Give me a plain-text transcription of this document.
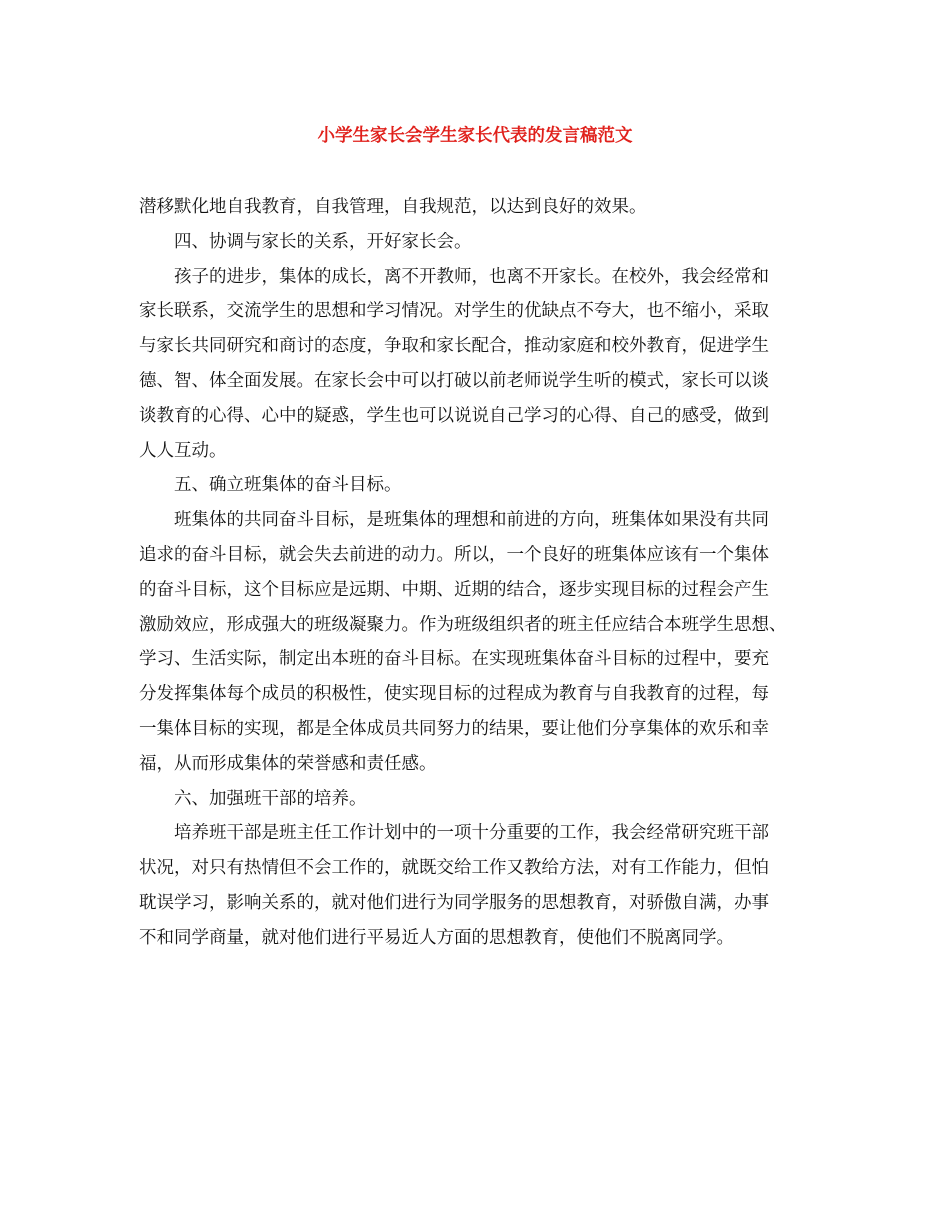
小学生家长会学生家长代表的发言稿范文
潜移默化地自我教育，自我管理，自我规范，以达到良好的效果。
四、协调与家长的关系，开好家长会。
孩子的进步，集体的成长，离不开教师，也离不开家长。在校外，我会经常和
家长联系，交流学生的思想和学习情况。对学生的优缺点不夸大，也不缩小，采取
与家长共同研究和商讨的态度，争取和家长配合，推动家庭和校外教育，促进学生
德、智、体全面发展。在家长会中可以打破以前老师说学生听的模式，家长可以谈
谈教育的心得、心中的疑惑，学生也可以说说自己学习的心得、自己的感受，做到
人人互动。
五、确立班集体的奋斗目标。
班集体的共同奋斗目标，是班集体的理想和前进的方向，班集体如果没有共同
追求的奋斗目标，就会失去前进的动力。所以，一个良好的班集体应该有一个集体
的奋斗目标，这个目标应是远期、中期、近期的结合，逐步实现目标的过程会产生
激励效应，形成强大的班级凝聚力。作为班级组织者的班主任应结合本班学生思想、
学习、生活实际，制定出本班的奋斗目标。在实现班集体奋斗目标的过程中，要充
分发挥集体每个成员的积极性，使实现目标的过程成为教育与自我教育的过程，每
一集体目标的实现，都是全体成员共同努力的结果，要让他们分享集体的欢乐和幸
福，从而形成集体的荣誉感和责任感。
六、加强班干部的培养。
培养班干部是班主任工作计划中的一项十分重要的工作，我会经常研究班干部
状况，对只有热情但不会工作的，就既交给工作又教给方法，对有工作能力，但怕
耽误学习，影响关系的，就对他们进行为同学服务的思想教育，对骄傲自满，办事
不和同学商量，就对他们进行平易近人方面的思想教育，使他们不脱离同学。
